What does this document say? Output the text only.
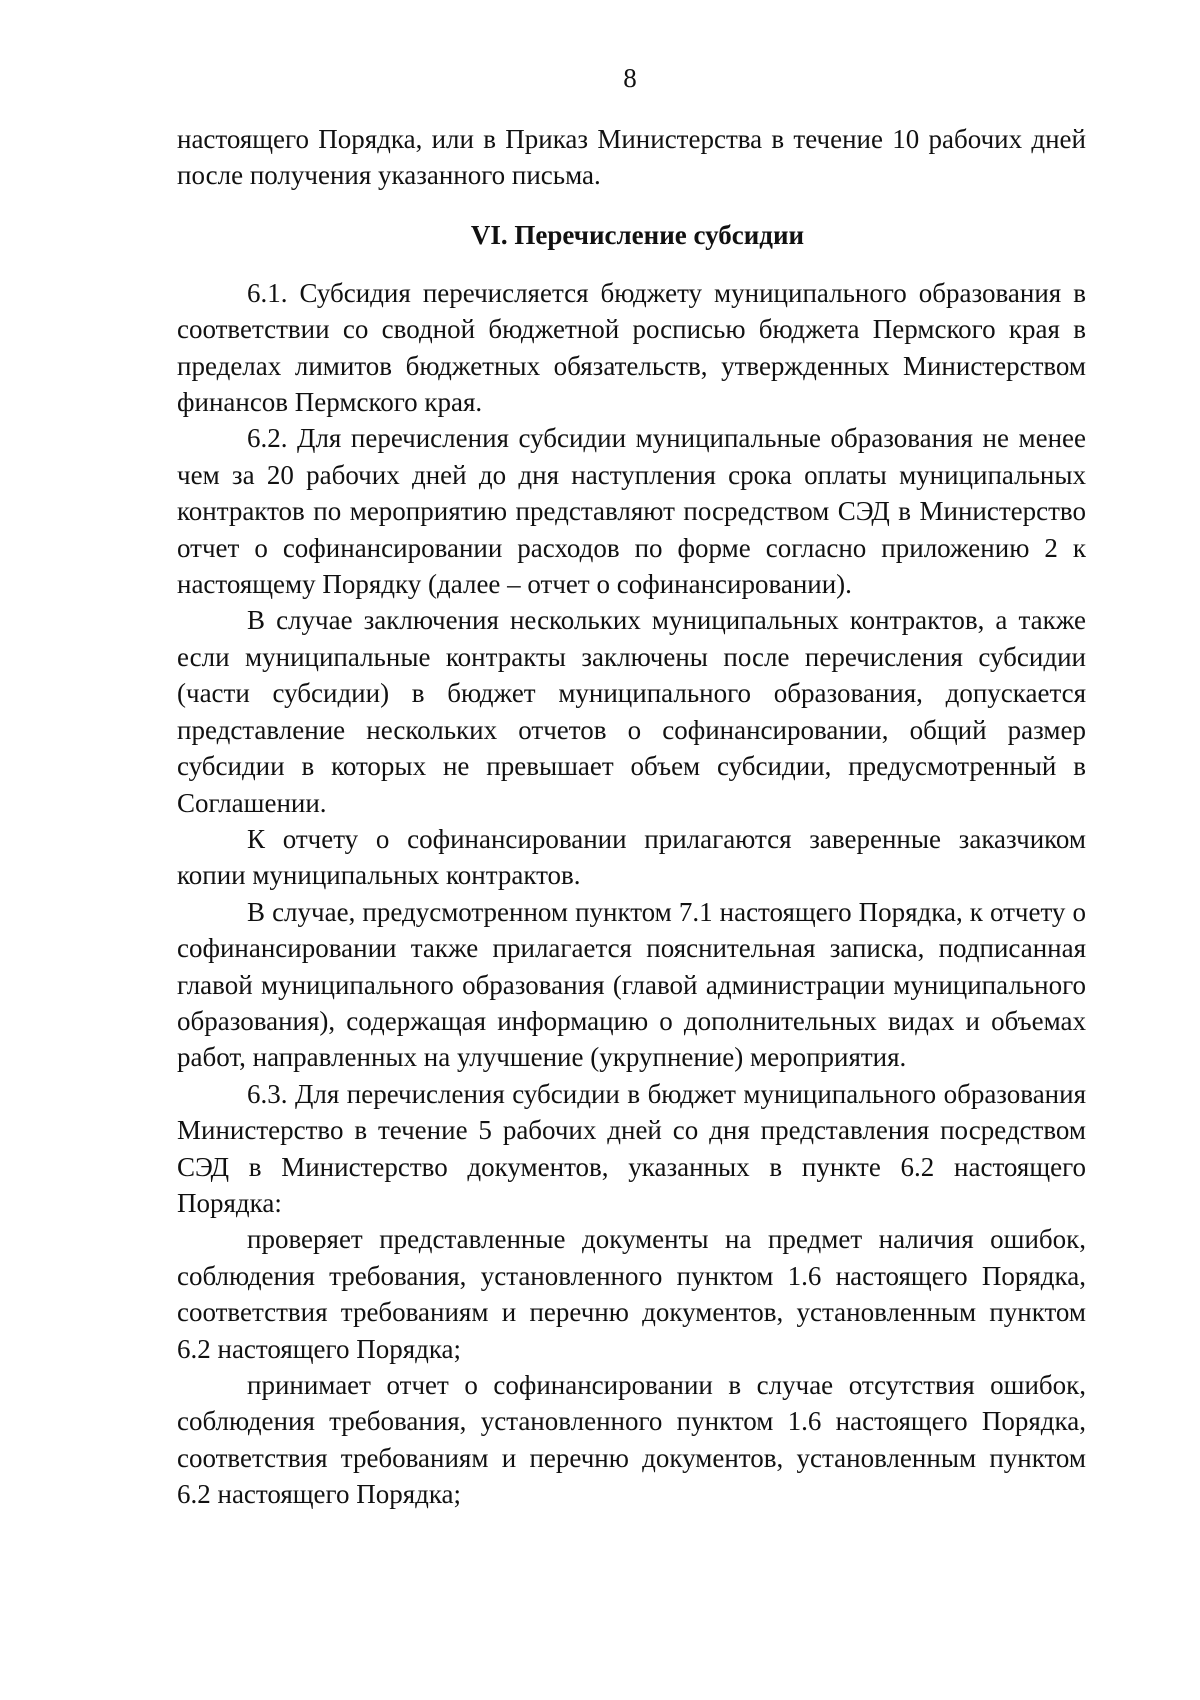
8

настоящего Порядка, или в Приказ Министерства в течение 10 рабочих дней после получения указанного письма.

VI. Перечисление субсидии

6.1. Субсидия перечисляется бюджету муниципального образования в соответствии со сводной бюджетной росписью бюджета Пермского края в пределах лимитов бюджетных обязательств, утвержденных Министерством финансов Пермского края.

6.2. Для перечисления субсидии муниципальные образования не менее чем за 20 рабочих дней до дня наступления срока оплаты муниципальных контрактов по мероприятию представляют посредством СЭД в Министерство отчет о софинансировании расходов по форме согласно приложению 2 к настоящему Порядку (далее – отчет о софинансировании).

В случае заключения нескольких муниципальных контрактов, а также если муниципальные контракты заключены после перечисления субсидии (части субсидии) в бюджет муниципального образования, допускается представление нескольких отчетов о софинансировании, общий размер субсидии в которых не превышает объем субсидии, предусмотренный в Соглашении.

К отчету о софинансировании прилагаются заверенные заказчиком копии муниципальных контрактов.

В случае, предусмотренном пунктом 7.1 настоящего Порядка, к отчету о софинансировании также прилагается пояснительная записка, подписанная главой муниципального образования (главой администрации муниципального образования), содержащая информацию о дополнительных видах и объемах работ, направленных на улучшение (укрупнение) мероприятия.

6.3. Для перечисления субсидии в бюджет муниципального образования Министерство в течение 5 рабочих дней со дня представления посредством СЭД в Министерство документов, указанных в пункте 6.2 настоящего Порядка:

проверяет представленные документы на предмет наличия ошибок, соблюдения требования, установленного пунктом 1.6 настоящего Порядка, соответствия требованиям и перечню документов, установленным пунктом 6.2 настоящего Порядка;

принимает отчет о софинансировании в случае отсутствия ошибок, соблюдения требования, установленного пунктом 1.6 настоящего Порядка, соответствия требованиям и перечню документов, установленным пунктом 6.2 настоящего Порядка;
